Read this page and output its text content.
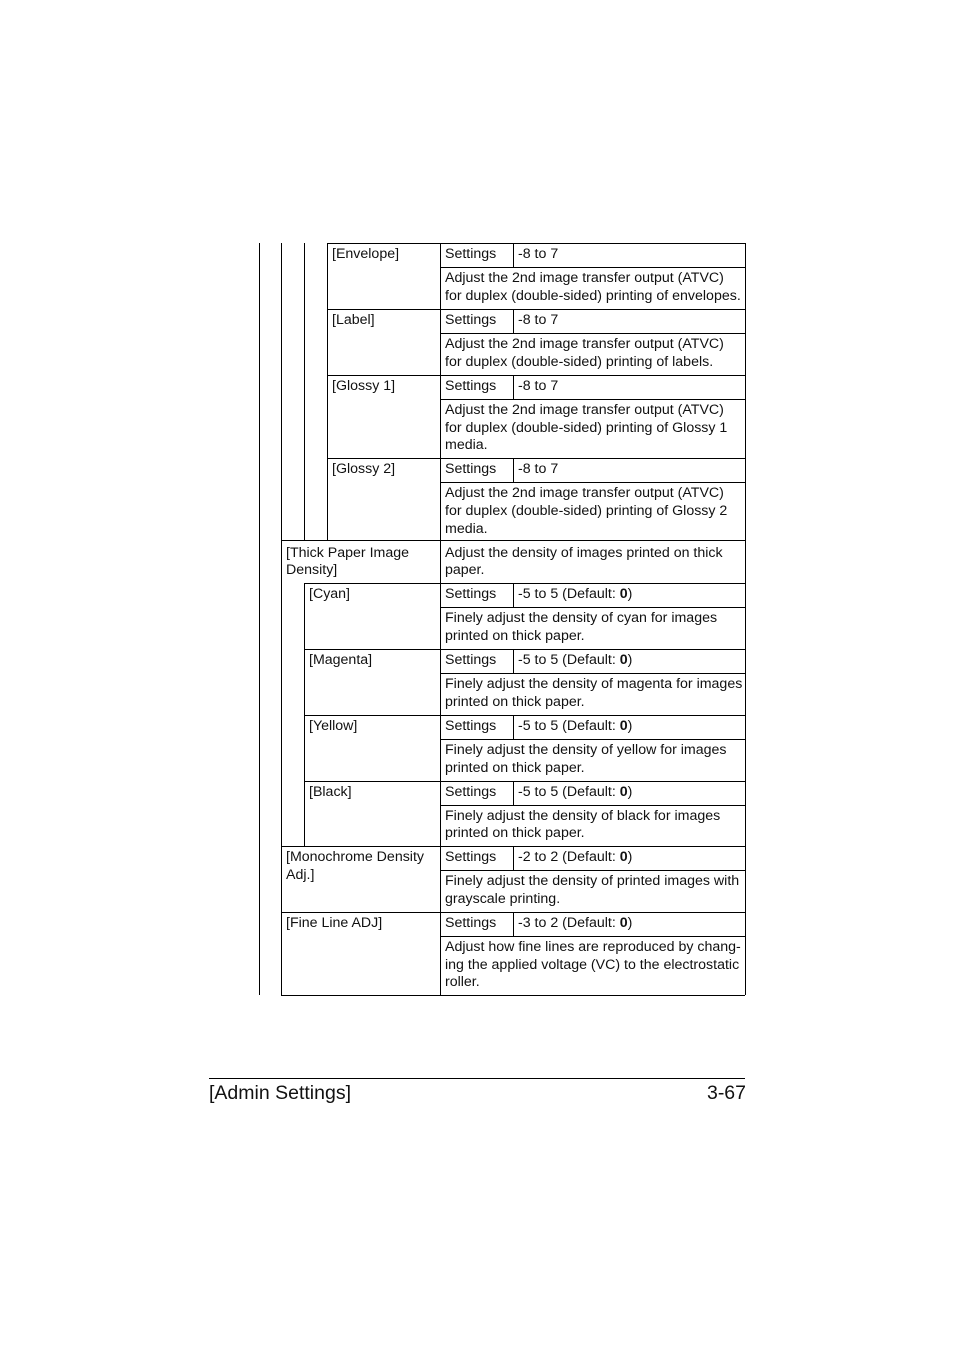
[Envelope]	Settings -8 to 7
Adjust the 2nd image transfer output (ATVC)
for duplex (double-sided) printing of envelopes.
[Label]	Settings -8 to 7
Adjust the 2nd image transfer output (ATVC)
for duplex (double-sided) printing of labels.
[Glossy 1]	Settings -8 to 7
Adjust the 2nd image transfer output (ATVC)
for duplex (double-sided) printing of Glossy 1
media.
[Glossy 2]	Settings -8 to 7
Adjust the 2nd image transfer output (ATVC)
for duplex (double-sided) printing of Glossy 2
media.
[Thick Paper Image
Density]
Adjust the density of images printed on thick
paper.
[Cyan]	Settings -5 to 5 (Default: 0)
Finely adjust the density of cyan for images
printed on thick paper.
[Magenta]	Settings -5 to 5 (Default: 0)
Finely adjust the density of magenta for images
printed on thick paper.
[Yellow]	Settings -5 to 5 (Default: 0)
Finely adjust the density of yellow for images
printed on thick paper.
[Black]	Settings -5 to 5 (Default: 0)
Finely adjust the density of black for images
printed on thick paper.
[Monochrome Density
Adj.]
Settings -2 to 2 (Default: 0)
Finely adjust the density of printed images with
grayscale printing.
[Fine Line ADJ]	Settings -3 to 2 (Default: 0)
Adjust how fine lines are reproduced by chang-
ing the applied voltage (VC) to the electrostatic
roller.
[Admin Settings]	3-67
